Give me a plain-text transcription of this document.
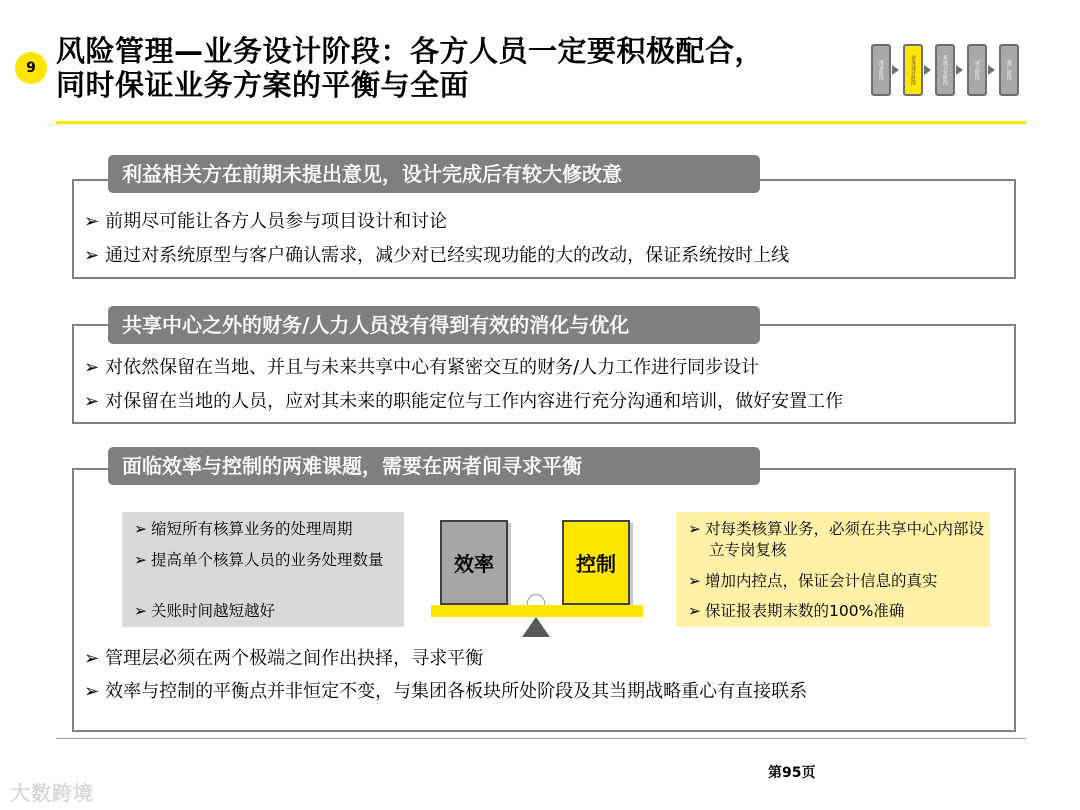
9 风险管理—业务设计阶段：各方人员一定要积极配合，
同时保证业务方案的平衡与全面	准备阶段	业务设计阶段	系统开发阶段	试点阶段	推广阶段
利益相关方在前期未提出意见，设计完成后有较大修改意
➢ 前期尽可能让各方人员参与项目设计和讨论
➢ 通过对系统原型与客户确认需求，减少对已经实现功能的大的改动，保证系统按时上线
共享中心之外的财务/人力人员没有得到有效的消化与优化
➢ 对依然保留在当地、并且与未来共享中心有紧密交互的财务/人力工作进行同步设计
➢ 对保留在当地的人员，应对其未来的职能定位与工作内容进行充分沟通和培训，做好安置工作
面临效率与控制的两难课题，需要在两者间寻求平衡
➢ 缩短所有核算业务的处理周期
➢ 提高单个核算人员的业务处理数量
➢ 关账时间越短越好
效率	控制
➢ 对每类核算业务，必须在共享中心内部设立专岗复核
➢ 增加内控点，保证会计信息的真实
➢ 保证报表期末数的100%准确
➢ 管理层必须在两个极端之间作出抉择，寻求平衡
➢ 效率与控制的平衡点并非恒定不变，与集团各板块所处阶段及其当期战略重心有直接联系
第95页
大数跨境
